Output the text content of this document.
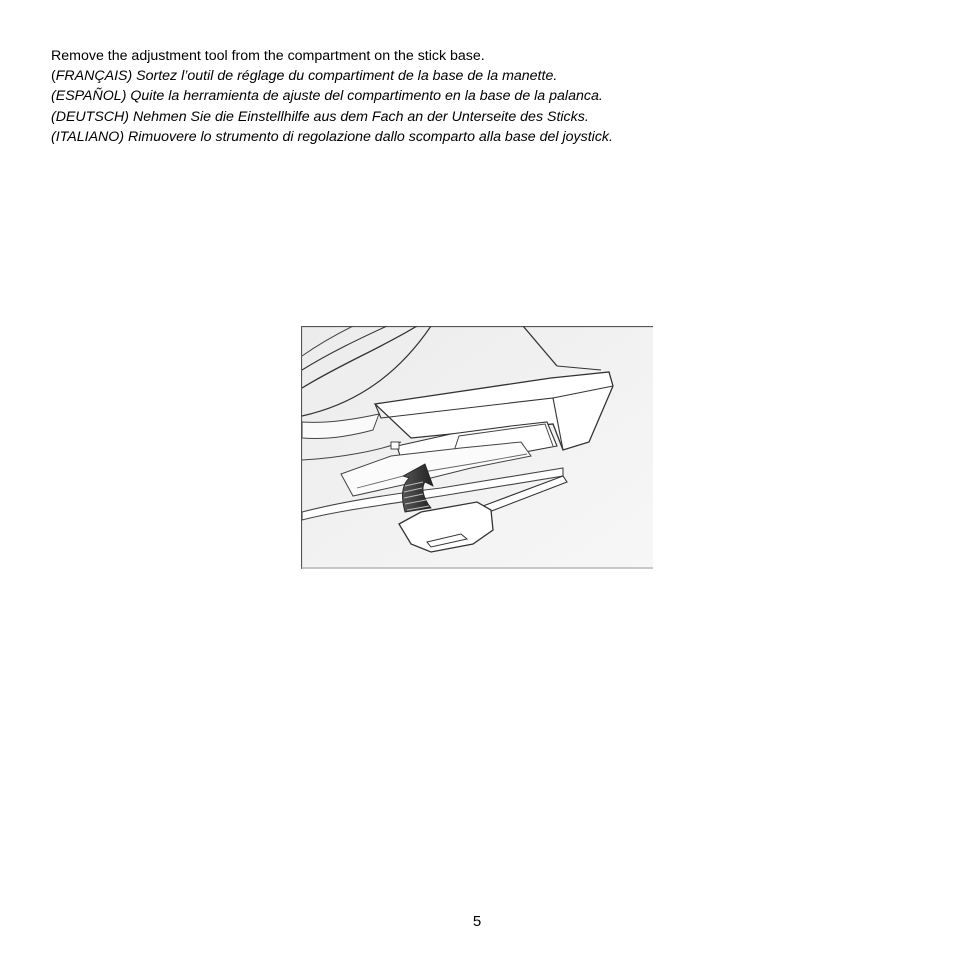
Remove the adjustment tool from the compartment on the stick base.
(FRANÇAIS) Sortez l’outil de réglage du compartiment de la base de la manette.
(ESPAÑOL) Quite la herramienta de ajuste del compartimento en la base de la palanca.
(DEUTSCH) Nehmen Sie die Einstellhilfe aus dem Fach an der Unterseite des Sticks.
(ITALIANO) Rimuovere lo strumento di regolazione dallo scomparto alla base del joystick.
5
